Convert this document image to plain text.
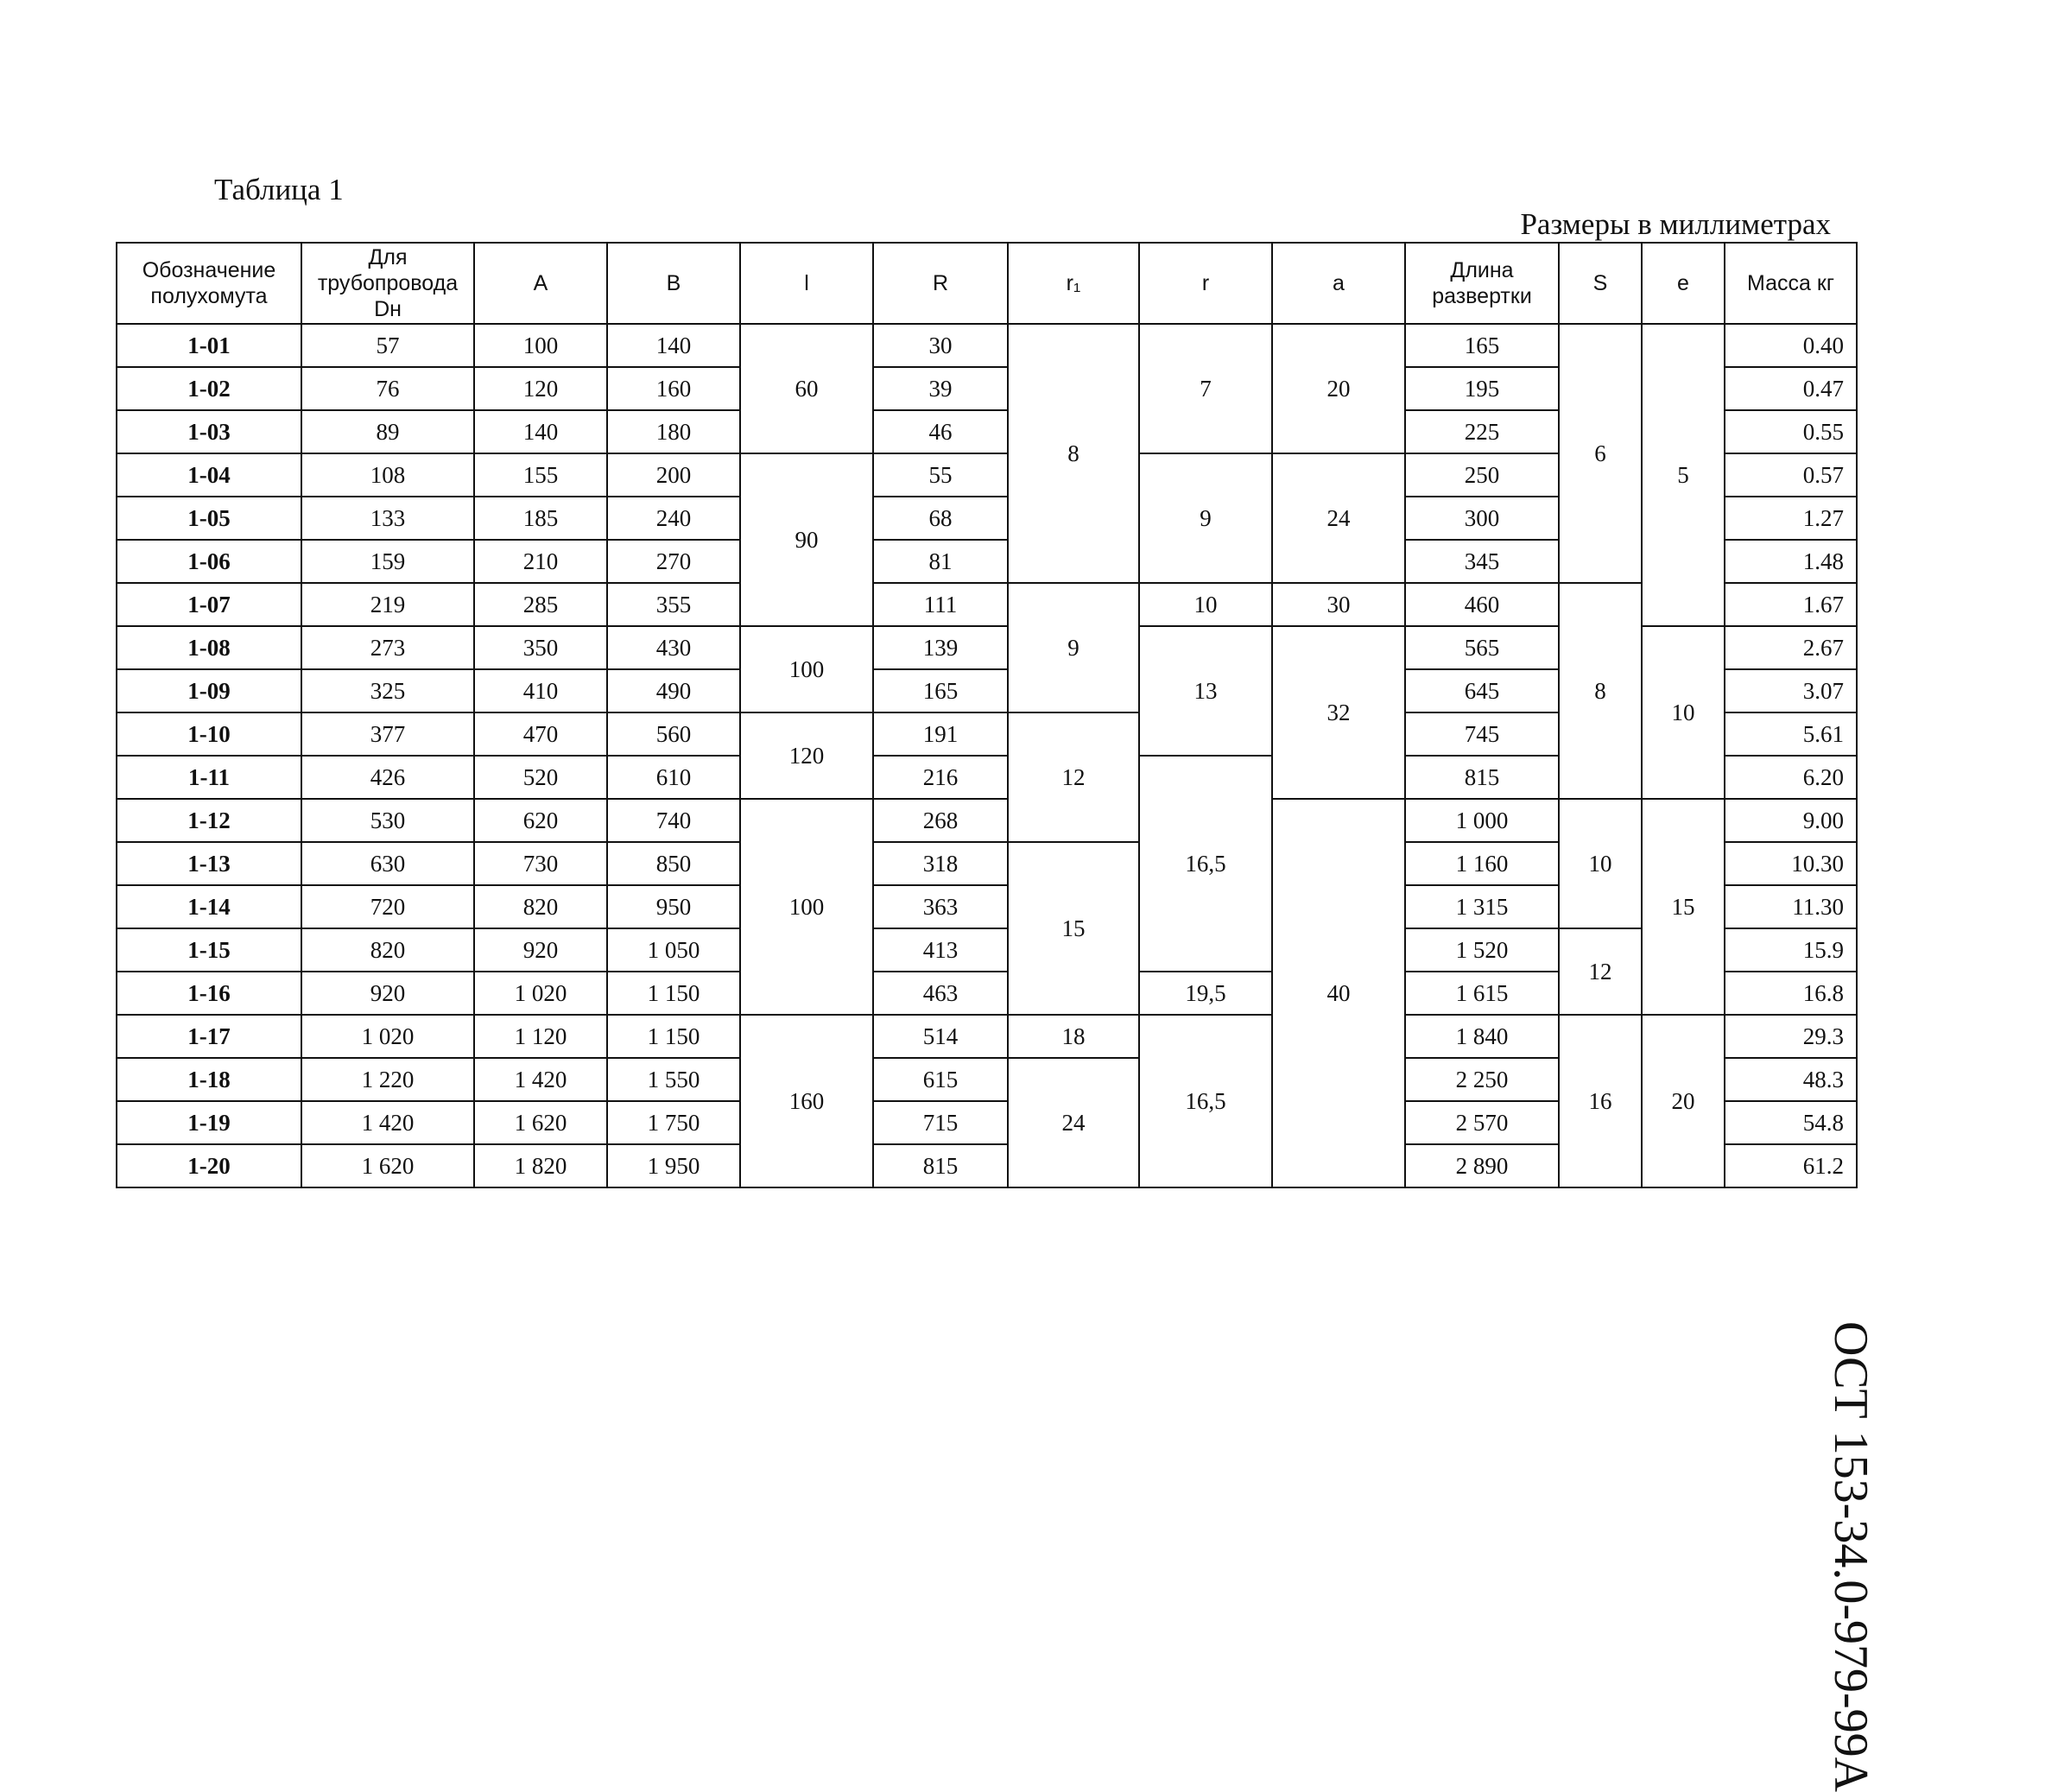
Таблица 1
Размеры в миллиметрах
ОСТ 153-34.0-979-99А
Обозначение полухомута	Для трубопровода Dн	A	B	l	R	r₁	r	a	Длина развертки	S	e	Масса кг
1-01	57	100	140	60	30	8	7	20	165	6	5	0.40
1-02	76	120	160		39				195			0.47
1-03	89	140	180		46				225			0.55
1-04	108	155	200	90	55		9	24	250			0.57
1-05	133	185	240		68				300			1.27
1-06	159	210	270		81				345			1.48
1-07	219	285	355		111	9	10	30	460	8		1.67
1-08	273	350	430	100	139		13	32	565		10	2.67
1-09	325	410	490		165				645			3.07
1-10	377	470	560	120	191	12			745			5.61
1-11	426	520	610		216		16,5		815			6.20
1-12	530	620	740	100	268			40	1 000	10	15	9.00
1-13	630	730	850		318	15			1 160			10.30
1-14	720	820	950		363				1 315			11.30
1-15	820	920	1 050		413				1 520	12		15.9
1-16	920	1 020	1 150		463		19,5		1 615			16.8
1-17	1 020	1 120	1 150	160	514	18	16,5		1 840	16	20	29.3
1-18	1 220	1 420	1 550		615	24			2 250			48.3
1-19	1 420	1 620	1 750		715				2 570			54.8
1-20	1 620	1 820	1 950		815				2 890			61.2
